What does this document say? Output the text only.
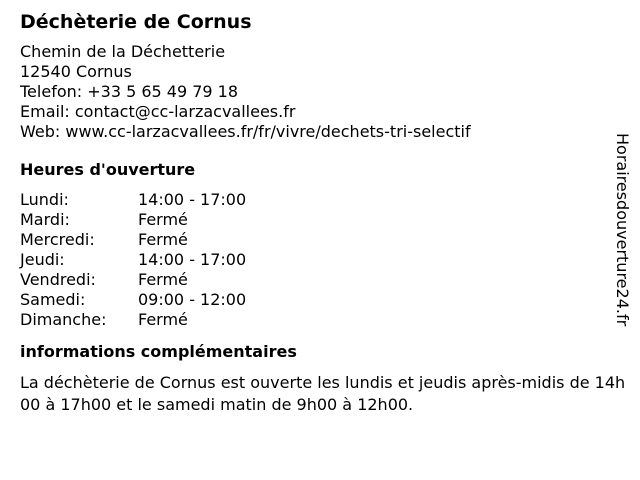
Déchèterie de Cornus
Chemin de la Déchetterie
12540 Cornus
Telefon: +33 5 65 49 79 18
Email: contact@cc-larzacvallees.fr
Web: www.cc-larzacvallees.fr/fr/vivre/dechets-tri-selectif
Heures d'ouverture
Lundi:	14:00 - 17:00
Mardi:	Fermé
Mercredi:	Fermé
Jeudi:	14:00 - 17:00
Vendredi:	Fermé
Samedi:	09:00 - 12:00
Dimanche: Fermé
informations complémentaires
La déchèterie de Cornus est ouverte les lundis et jeudis après-midis de 14h00 à 17h00 et le samedi matin de 9h00 à 12h00.
Horairesdouverture24.fr
